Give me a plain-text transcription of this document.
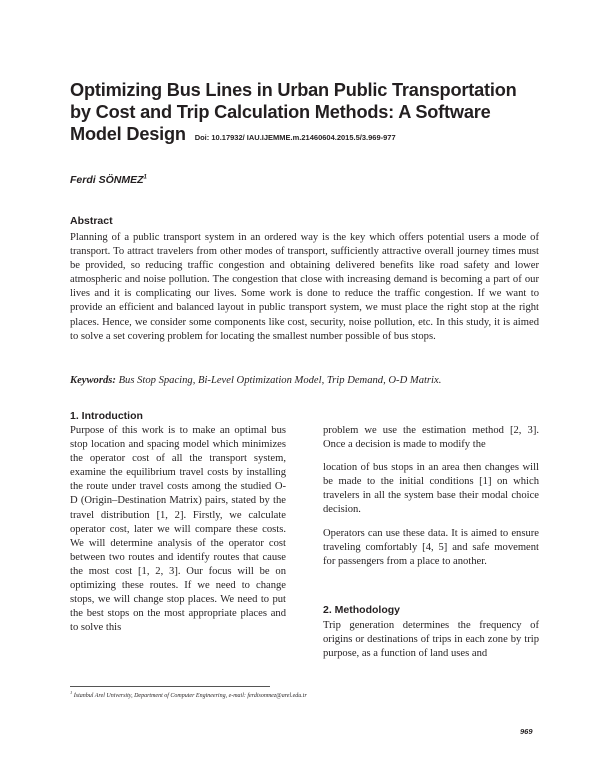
Optimizing Bus Lines in Urban Public Transportation by Cost and Trip Calculation Methods: A Software Model Design Doi: 10.17932/ IAU.IJEMME.m.21460604.2015.5/3.969-977
Ferdi SÖNMEZ$^1$
Abstract
Planning of a public transport system in an ordered way is the key which offers potential users a mode of transport. To attract travelers from other modes of transport, sufficiently attractive overall journey times must be provided, so reducing traffic congestion and obtaining delivered benefits like road safety and lower atmospheric and noise pollution. The congestion that close with increasing demand is becoming a part of our lives and it is complicating our lives. Some work is done to reduce the traffic congestion. If we want to provide an efficient and balanced layout in public transport system, we must place the right stop at the right places. Hence, we consider some components like cost, security, noise pollution, etc. In this study, it is aimed to solve a set covering problem for locating the smallest number possible of bus stops.
Keywords: Bus Stop Spacing, Bi-Level Optimization Model, Trip Demand, O-D Matrix.
1. Introduction

Purpose of this work is to make an optimal bus stop location and spacing model which minimizes the operator cost of all the transport system, examine the equilibrium travel costs by installing the route under travel costs among the studied O-D (Origin–Destination Matrix) pairs, stated by the travel distribution [1, 2]. Firstly, we calculate operator cost, later we will compare these costs. We will determine analysis of the operator cost between two routes and identify routes that cause the most cost [1, 2, 3]. Our focus will be on optimizing these routes. If we need to change stops, we will change stop places. We need to put the best stops on the most appropriate places and to solve this

problem we use the estimation method [2, 3]. Once a decision is made to modify the

location of bus stops in an area then changes will be made to the initial conditions [1] on which travelers in all the system base their modal choice decision.

Operators can use these data. It is aimed to ensure traveling comfortably [4, 5] and safe movement for passengers from a place to another.

2. Methodology

Trip generation determines the frequency of origins or destinations of trips in each zone by trip purpose, as a function of land uses and

$^1$ İstanbul Arel University, Department of Computer Engineering, e-mail: ferdisonmez@arel.edu.tr
969
